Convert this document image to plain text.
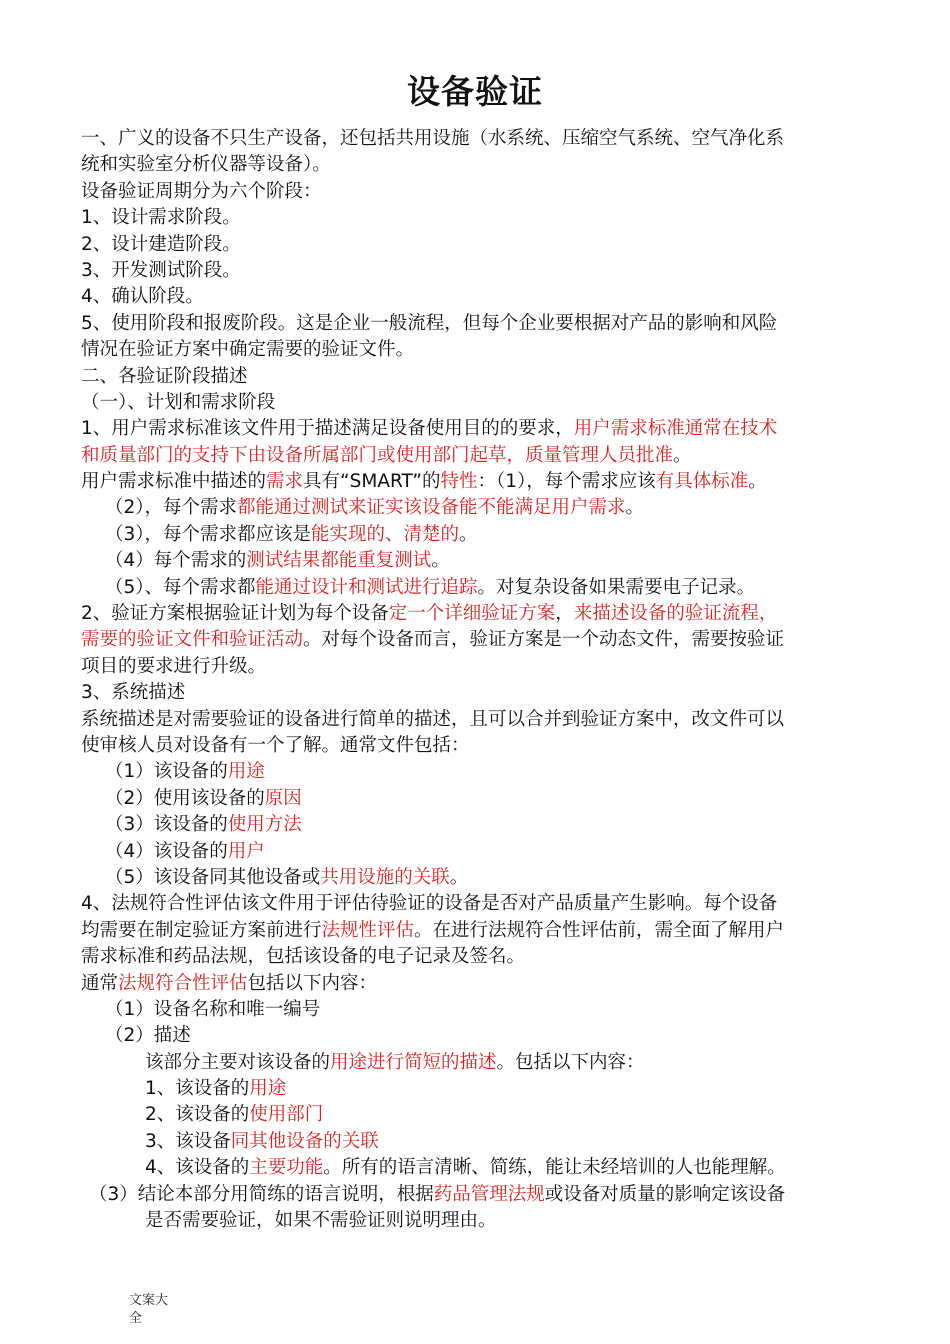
设备验证
一、广义的设备不只生产设备，还包括共用设施（水系统、压缩空气系统、空气净化系
统和实验室分析仪器等设备）。
设备验证周期分为六个阶段：
1、设计需求阶段。
2、设计建造阶段。
3、开发测试阶段。
4、确认阶段。
5、使用阶段和报废阶段。这是企业一般流程，但每个企业要根据对产品的影响和风险
情况在验证方案中确定需要的验证文件。
二、各验证阶段描述
（一）、计划和需求阶段
1、用户需求标准该文件用于描述满足设备使用目的的要求，用户需求标准通常在技术
和质量部门的支持下由设备所属部门或使用部门起草，质量管理人员批准。
用户需求标准中描述的需求具有“SMART”的特性：（1），每个需求应该有具体标准。
（2），每个需求都能通过测试来证实该设备能不能满足用户需求。
（3），每个需求都应该是能实现的、清楚的。
（4）每个需求的测试结果都能重复测试。
（5）、每个需求都能通过设计和测试进行追踪。对复杂设备如果需要电子记录。
2、验证方案根据验证计划为每个设备定一个详细验证方案，来描述设备的验证流程，
需要的验证文件和验证活动。对每个设备而言，验证方案是一个动态文件，需要按验证
项目的要求进行升级。
3、系统描述
系统描述是对需要验证的设备进行简单的描述，且可以合并到验证方案中，改文件可以
使审核人员对设备有一个了解。通常文件包括：
（1）该设备的用途
（2）使用该设备的原因
（3）该设备的使用方法
（4）该设备的用户
（5）该设备同其他设备或共用设施的关联。
4、法规符合性评估该文件用于评估待验证的设备是否对产品质量产生影响。每个设备
均需要在制定验证方案前进行法规性评估。在进行法规符合性评估前，需全面了解用户
需求标准和药品法规，包括该设备的电子记录及签名。
通常法规符合性评估包括以下内容：
（1）设备名称和唯一编号
（2）描述
该部分主要对该设备的用途进行简短的描述。包括以下内容：
1、该设备的用途
2、该设备的使用部门
3、该设备同其他设备的关联
4、该设备的主要功能。所有的语言清晰、简练，能让未经培训的人也能理解。
（3）结论本部分用简练的语言说明，根据药品管理法规或设备对质量的影响定该设备
是否需要验证，如果不需验证则说明理由。
文案大
全
